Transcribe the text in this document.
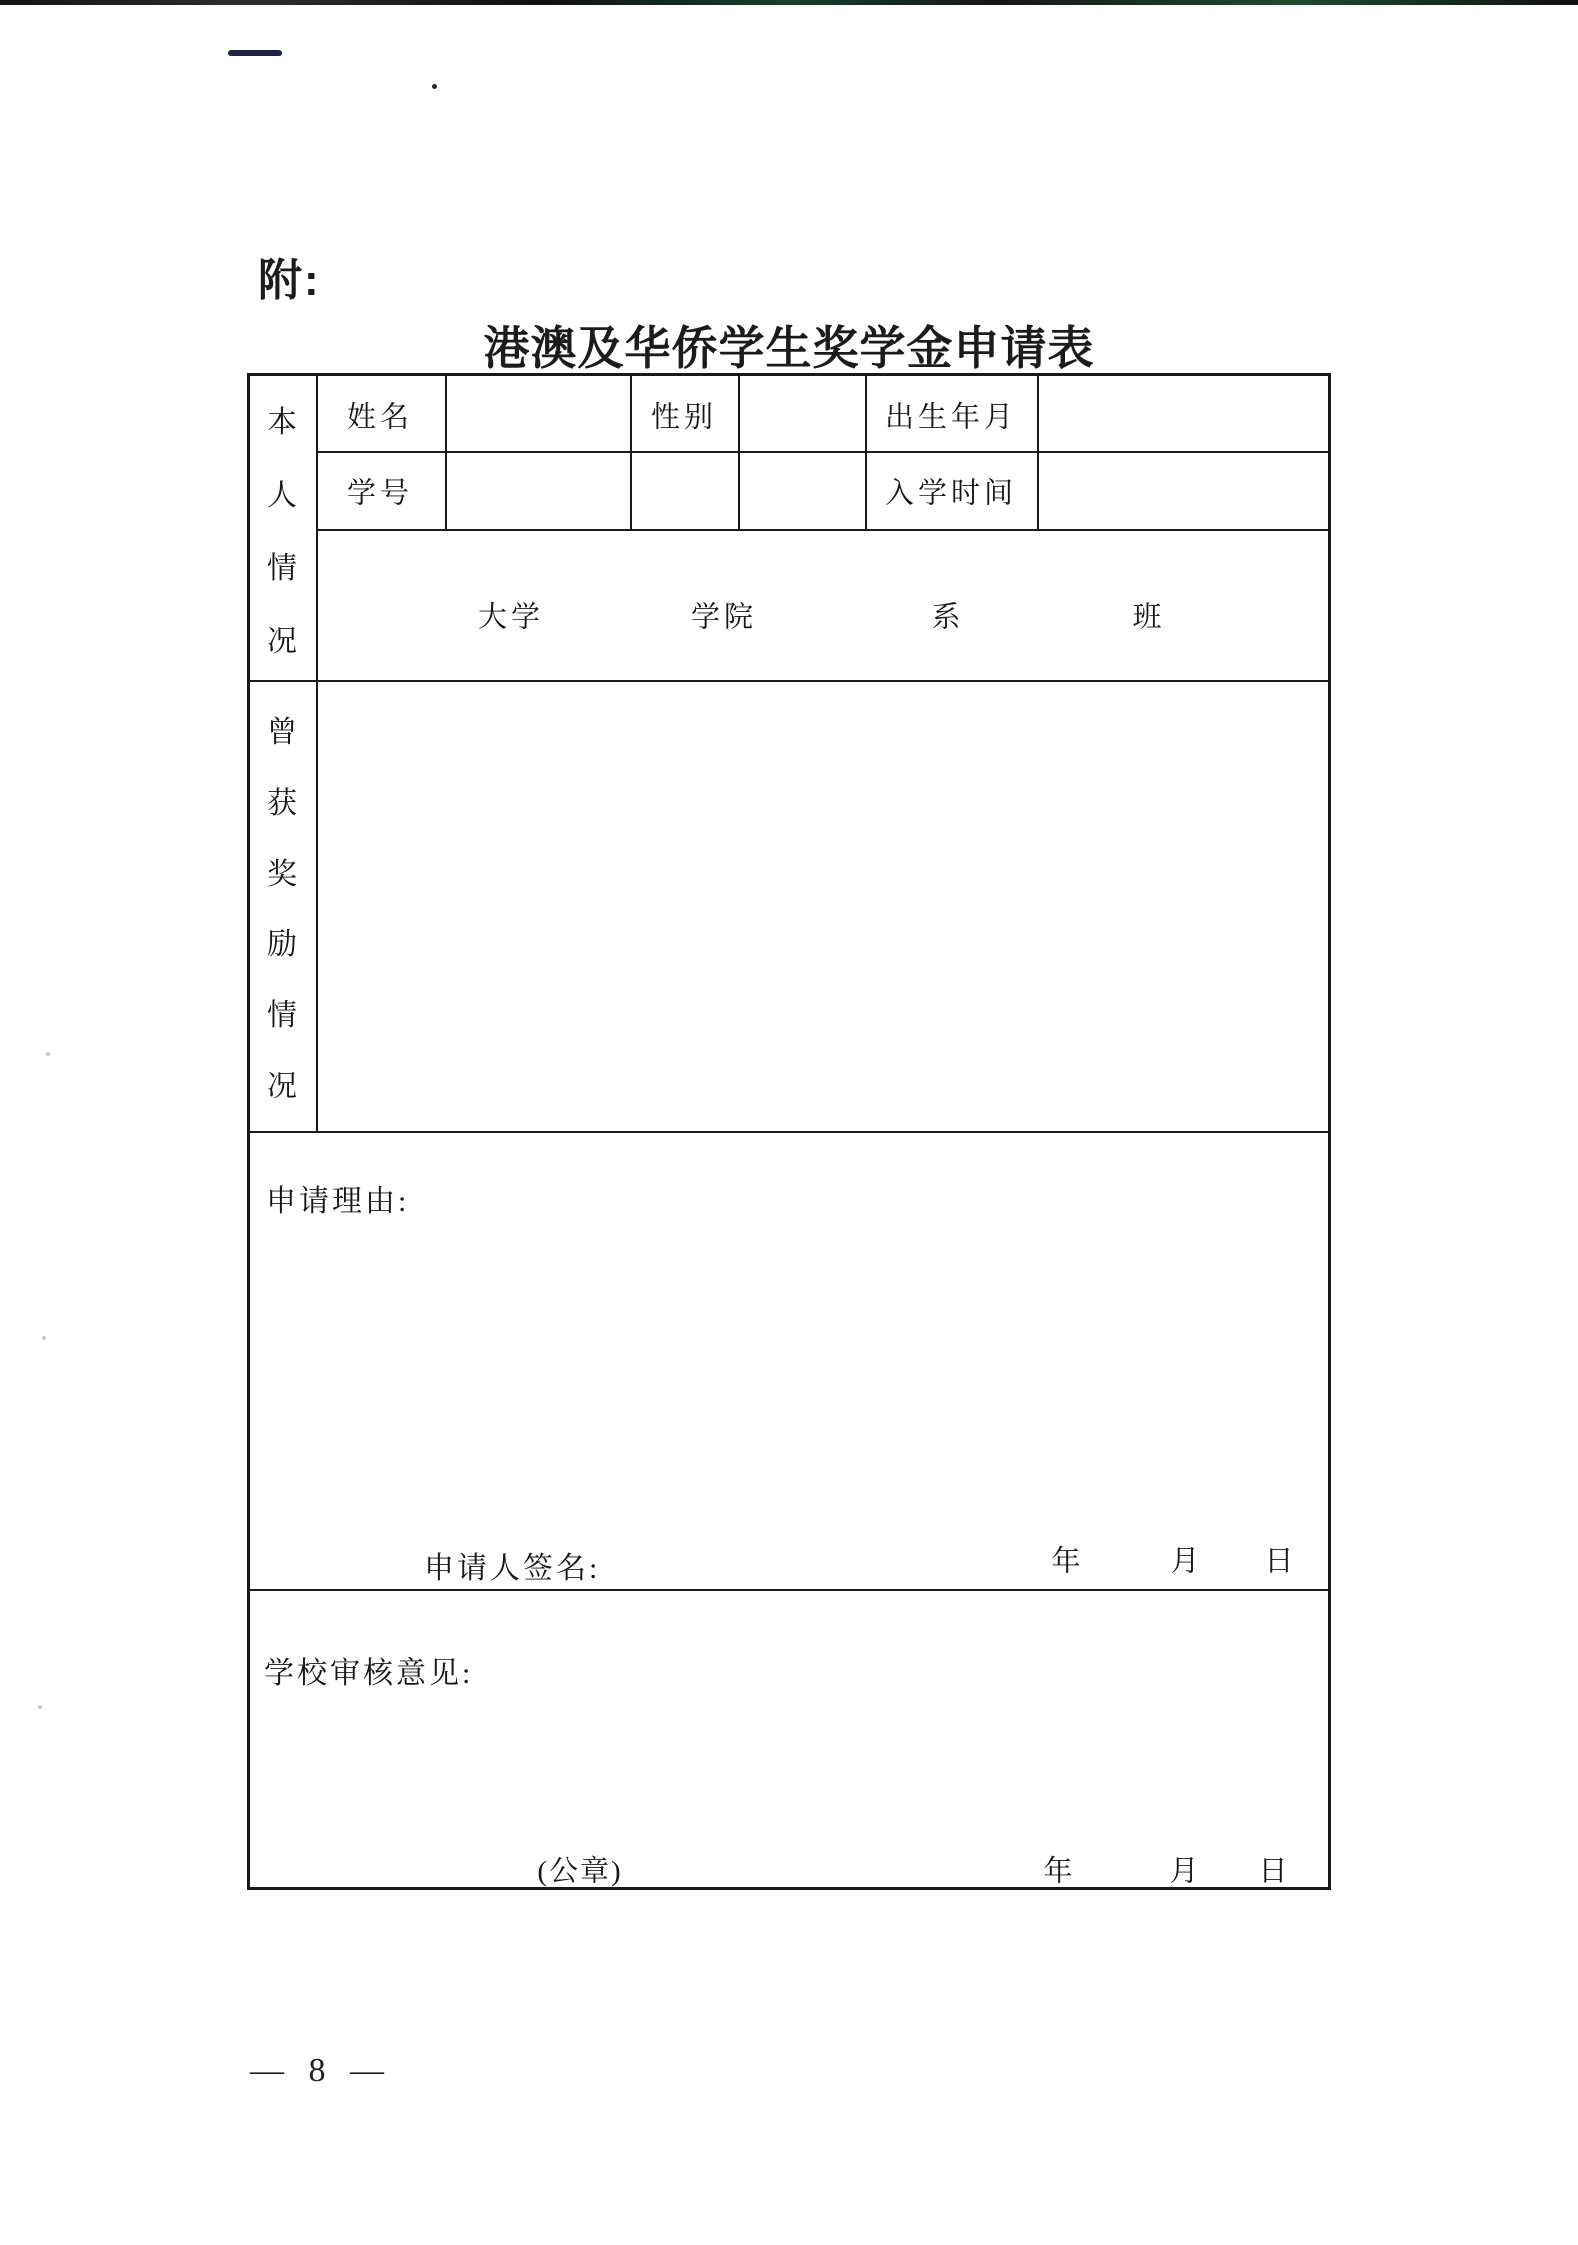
附:
港澳及华侨学生奖学金申请表
本
人
情
况
姓名	性别	出生年月
学号	入学时间
大学	学院	系	班
曾
获
奖
励
情
况
申请理由:
申请人签名:	年	月 日
学校审核意见:
(公章)	年	月 日
— 8 —
